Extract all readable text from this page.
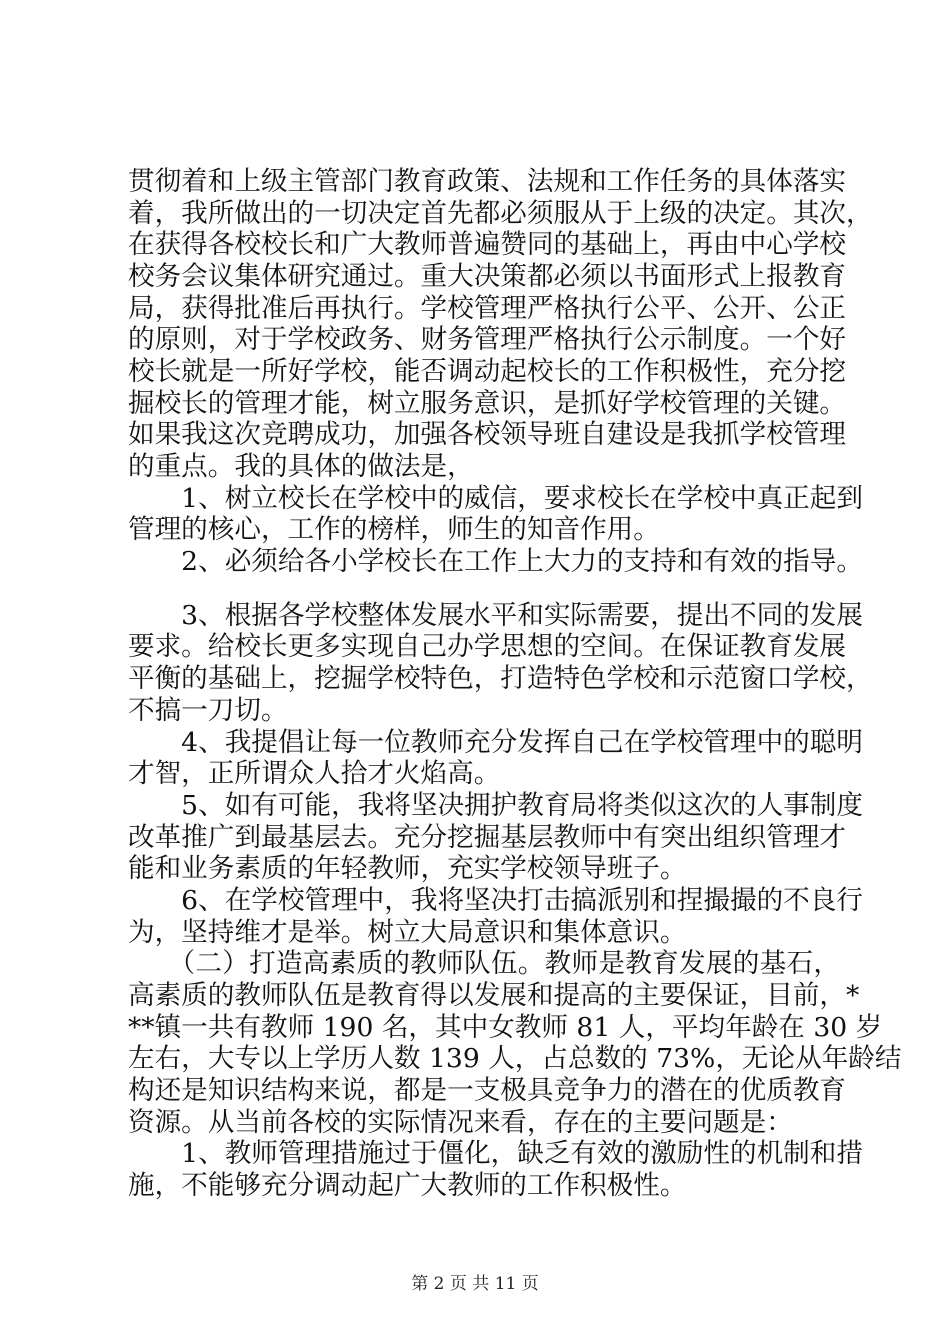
贯彻着和上级主管部门教育政策、法规和工作任务的具体落实
着，我所做出的一切决定首先都必须服从于上级的决定。其次，
在获得各校校长和广大教师普遍赞同的基础上，再由中心学校
校务会议集体研究通过。重大决策都必须以书面形式上报教育
局，获得批准后再执行。学校管理严格执行公平、公开、公正
的原则，对于学校政务、财务管理严格执行公示制度。一个好
校长就是一所好学校，能否调动起校长的工作积极性，充分挖
掘校长的管理才能，树立服务意识，是抓好学校管理的关键。
如果我这次竞聘成功，加强各校领导班自建设是我抓学校管理
的重点。我的具体的做法是，
　　1、树立校长在学校中的威信，要求校长在学校中真正起到
管理的核心，工作的榜样，师生的知音作用。
　　2、必须给各小学校长在工作上大力的支持和有效的指导。
　　3、根据各学校整体发展水平和实际需要，提出不同的发展
要求。给校长更多实现自己办学思想的空间。在保证教育发展
平衡的基础上，挖掘学校特色，打造特色学校和示范窗口学校，
不搞一刀切。
　　4、我提倡让每一位教师充分发挥自己在学校管理中的聪明
才智，正所谓众人拾才火焰高。
　　5、如有可能，我将坚决拥护教育局将类似这次的人事制度
改革推广到最基层去。充分挖掘基层教师中有突出组织管理才
能和业务素质的年轻教师，充实学校领导班子。
　　6、在学校管理中，我将坚决打击搞派别和捏撮撮的不良行
为，坚持维才是举。树立大局意识和集体意识。
　　（二）打造高素质的教师队伍。教师是教育发展的基石，
高素质的教师队伍是教育得以发展和提高的主要保证，目前，*
**镇一共有教师 190 名，其中女教师 81 人，平均年龄在 30 岁
左右，大专以上学历人数 139 人，占总数的 73%，无论从年龄结
构还是知识结构来说，都是一支极具竞争力的潜在的优质教育
资源。从当前各校的实际情况来看，存在的主要问题是：
　　1、教师管理措施过于僵化，缺乏有效的激励性的机制和措
施，不能够充分调动起广大教师的工作积极性。
第 2 页 共 11 页
